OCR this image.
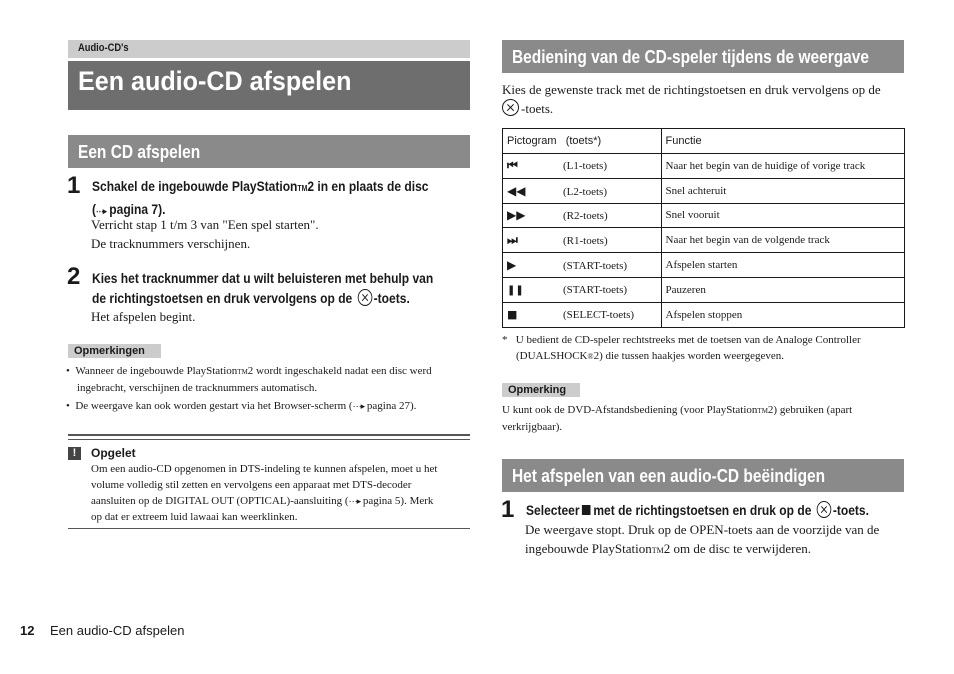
Audio-CD's
Een audio-CD afspelen
Een CD afspelen
1 Schakel de ingebouwde PlayStationTM2 in en plaats de disc
(⋯▸ pagina 7).
Verricht stap 1 t/m 3 van "Een spel starten".
De tracknummers verschijnen.
2 Kies het tracknummer dat u wilt beluisteren met behulp van
de richtingstoetsen en druk vervolgens op de -toets.
Het afspelen begint.
Opmerkingen
•  Wanneer de ingebouwde PlayStationTM2 wordt ingeschakeld nadat een disc werd
ingebracht, verschijnen de tracknummers automatisch.
•  De weergave kan ook worden gestart via het Browser-scherm (⋯▸ pagina 27).
!	Opgelet
Om een audio-CD opgenomen in DTS-indeling te kunnen afspelen, moet u het
volume volledig stil zetten en vervolgens een apparaat met DTS-decoder
aansluiten op de DIGITAL OUT (OPTICAL)-aansluiting (⋯▸ pagina 5). Merk
op dat er extreem luid lawaai kan weerklinken.
Bediening van de CD-speler tijdens de weergave
Kies de gewenste track met de richtingstoetsen en druk vervolgens op de
-toets.
Pictogram (toets*)	Functie
⏮ (L1-toets)	Naar het begin van de huidige of vorige track
◀◀ (L2-toets)	Snel achteruit
▶▶ (R2-toets)	Snel vooruit
⏭ (R1-toets)	Naar het begin van de volgende track
▶ (START-toets)	Afspelen starten
❚❚ (START-toets)	Pauzeren
■ (SELECT-toets)	Afspelen stoppen
* U bedient de CD-speler rechtstreeks met de toetsen van de Analoge Controller
(DUALSHOCK®2) die tussen haakjes worden weergegeven.
Opmerking
U kunt ook de DVD-Afstandsbediening (voor PlayStationTM2) gebruiken (apart
verkrijgbaar).
Het afspelen van een audio-CD beëindigen
1 Selecteer met de richtingstoetsen en druk op de -toets.
De weergave stopt. Druk op de OPEN-toets aan de voorzijde van de
ingebouwde PlayStationTM2 om de disc te verwijderen.
12 Een audio-CD afspelen
